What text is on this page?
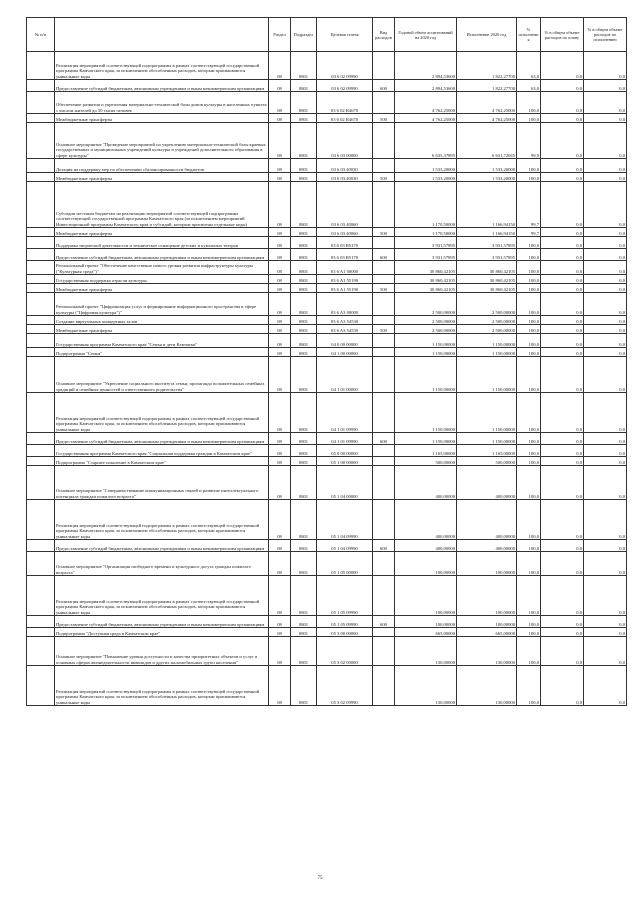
№ п/п		Раздел	Подраздел	Целевая статья	Вид расходов	Годовой объем ассигнований на 2020 год	Исполнение 2020 год	% исполнения	% в общем объеме расходов по плану	% в общем объеме расходов по исполнению
	Реализация мероприятий соответствующей подпрограммы в рамках соответствующей государственной программы Камчатского края, за исключением обособленных расходов, которым присваиваются уникальные коды	08	0801	03 6 02 09990		2 894,53600	1 822,27700	63,0	0,0	0,0
	Предоставление субсидий бюджетным, автономным учреждениям и иным некоммерческим организациям	08	0801	03 6 02 09990	600	2 894,53600	1 822,27700	63,0	0,0	0,0
	Обеспечение развития и укрепления материально-технической базы домов культуры в населенных пунктах с числом жителей до 50 тысяч человек	08	0801	03 6 02 R4670		4 762,25000	4 762,25000	100,0	0,0	0,0
	Межбюджетные трансферты	08	0801	03 6 02 R4670	500	4 762,25000	4 762,25000	100,0	0,0	0,0
	Основное мероприятие "Проведение мероприятий по укреплению материально-технической базы краевых государственных и муниципальных учреждений культуры и учреждений дополнительного образования в сфере культуры"	08	0801	03 6 03 00000		6 635,37895	6 631,72045	99,9	0,0	0,0
	Дотация на поддержку мер по обеспечению сбалансированности бюджетов	08	0801	03 6 03 40030		1 533,20000	1 533,20000	100,0	0,0	0,0
	Межбюджетные трансферты	08	0801	03 6 03 40030	500	1 533,20000	1 533,20000	100,0	0,0	0,0
	Субсидии местным бюджетам на реализацию мероприятий соответствующей подпрограммы соответствующей государственной программы Камчатского края (за исключением мероприятий Инвестиционной программы Камчатского края и субсидий, которым присвоены отдельные коды)	08	0801	03 6 03 40060		1 170,50000	1 166,94150	99,7	0,0	0,0
	Межбюджетные трансферты	08	0801	03 6 03 40060	500	1 170,50000	1 166,94150	99,7	0,0	0,0
	Поддержка творческой деятельности и техническое оснащение детских и кукольных театров	08	0801	03 6 03 R5170		3 931,57895	3 931,57895	100,0	0,0	0,0
	Предоставление субсидий бюджетным, автономным учреждениям и иным некоммерческим организациям	08	0801	03 6 03 R5170	600	3 931,57895	3 931,57895	100,0	0,0	0,0
	Региональный проект "Обеспечение качественно нового уровня развития инфраструктуры культуры ("Культурная среда")"	08	0801	03 6 A1 00000		30 860,42105	30 860,42105	100,0	0,0	0,0
	Государственная поддержка отрасли культуры	08	0801	03 6 A1 55190		30 860,42105	30 860,42105	100,0	0,0	0,0
	Межбюджетные трансферты	08	0801	03 6 A1 55190	500	30 860,42105	30 860,42105	100,0	0,0	0,0
	Региональный проект "Цифровизация услуг и формирование информационного пространства в сфере культуры ("Цифровая культура")"	08	0801	03 6 A3 00000		2 500,00000	2 500,00000	100,0	0,0	0,0
	Создание виртуальных концертных залов	08	0801	03 6 A3 54530		2 500,00000	2 500,00000	100,0	0,0	0,0
	Межбюджетные трансферты	08	0801	03 6 A3 54530	500	2 500,00000	2 500,00000	100,0	0,0	0,0
	Государственная программа Камчатского края "Семья и дети Камчатки"	08	0801	04 0 00 00000		1 150,00000	1 150,00000	100,0	0,0	0,0
	Подпрограмма "Семья"	08	0801	04 1 00 00000		1 150,00000	1 150,00000	100,0	0,0	0,0
	Основное мероприятие "Укрепление социального института семьи, пропаганда положительных семейных традиций и семейных ценностей и ответственного родительства"	08	0801	04 1 01 00000		1 150,00000	1 150,00000	100,0	0,0	0,0
	Реализация мероприятий соответствующей подпрограммы в рамках соответствующей государственной программы Камчатского края, за исключением обособленных расходов, которым присваиваются уникальные коды	08	0801	04 1 01 09990		1 150,00000	1 150,00000	100,0	0,0	0,0
	Предоставление субсидий бюджетным, автономным учреждениям и иным некоммерческим организациям	08	0801	04 1 01 09990	600	1 150,00000	1 150,00000	100,0	0,0	0,0
	Государственная программа Камчатского края "Социальная поддержка граждан в Камчатском крае"	08	0801	05 0 00 00000		1 165,00000	1 165,00000	100,0	0,0	0,0
	Подпрограмма "Старшее поколение в Камчатском крае"	08	0801	05 1 00 00000		500,00000	500,00000	100,0	0,0	0,0
	Основное мероприятие "Совершенствование коммуникационных связей и развитие интеллектуального потенциала граждан пожилого возраста"	08	0801	05 1 04 00000		400,00000	400,00000	100,0	0,0	0,0
	Реализация мероприятий соответствующей подпрограммы в рамках соответствующей государственной программы Камчатского края, за исключением обособленных расходов, которым присваиваются уникальные коды	08	0801	05 1 04 09990		400,00000	400,00000	100,0	0,0	0,0
	Предоставление субсидий бюджетным, автономным учреждениям и иным некоммерческим организациям	08	0801	05 1 04 09990	600	400,00000	400,00000	100,0	0,0	0,0
	Основное мероприятие "Организация свободного времени и культурного досуга граждан пожилого возраста"	08	0801	05 1 05 00000		100,00000	100,00000	100,0	0,0	0,0
	Реализация мероприятий соответствующей подпрограммы в рамках соответствующей государственной программы Камчатского края, за исключением обособленных расходов, которым присваиваются уникальные коды	08	0801	05 1 05 09990		100,00000	100,00000	100,0	0,0	0,0
	Предоставление субсидий бюджетным, автономным учреждениям и иным некоммерческим организациям	08	0801	05 1 05 09990	600	100,00000	100,00000	100,0	0,0	0,0
	Подпрограмма "Доступная среда в Камчатском крае"	08	0801	05 3 00 00000		665,00000	665,00000	100,0	0,0	0,0
	Основное мероприятие "Повышение уровня доступности и качества приоритетных объектов и услуг в основных сферах жизнедеятельности инвалидов и других маломобильных групп населения"	08	0801	05 3 02 00000		130,00000	130,00000	100,0	0,0	0,0
	Реализация мероприятий соответствующей подпрограммы в рамках соответствующей государственной программы Камчатского края, за исключением обособленных расходов, которым присваиваются уникальные коды	08	0801	05 3 02 09990		130,00000	130,00000	100,0	0,0	0,0
75
